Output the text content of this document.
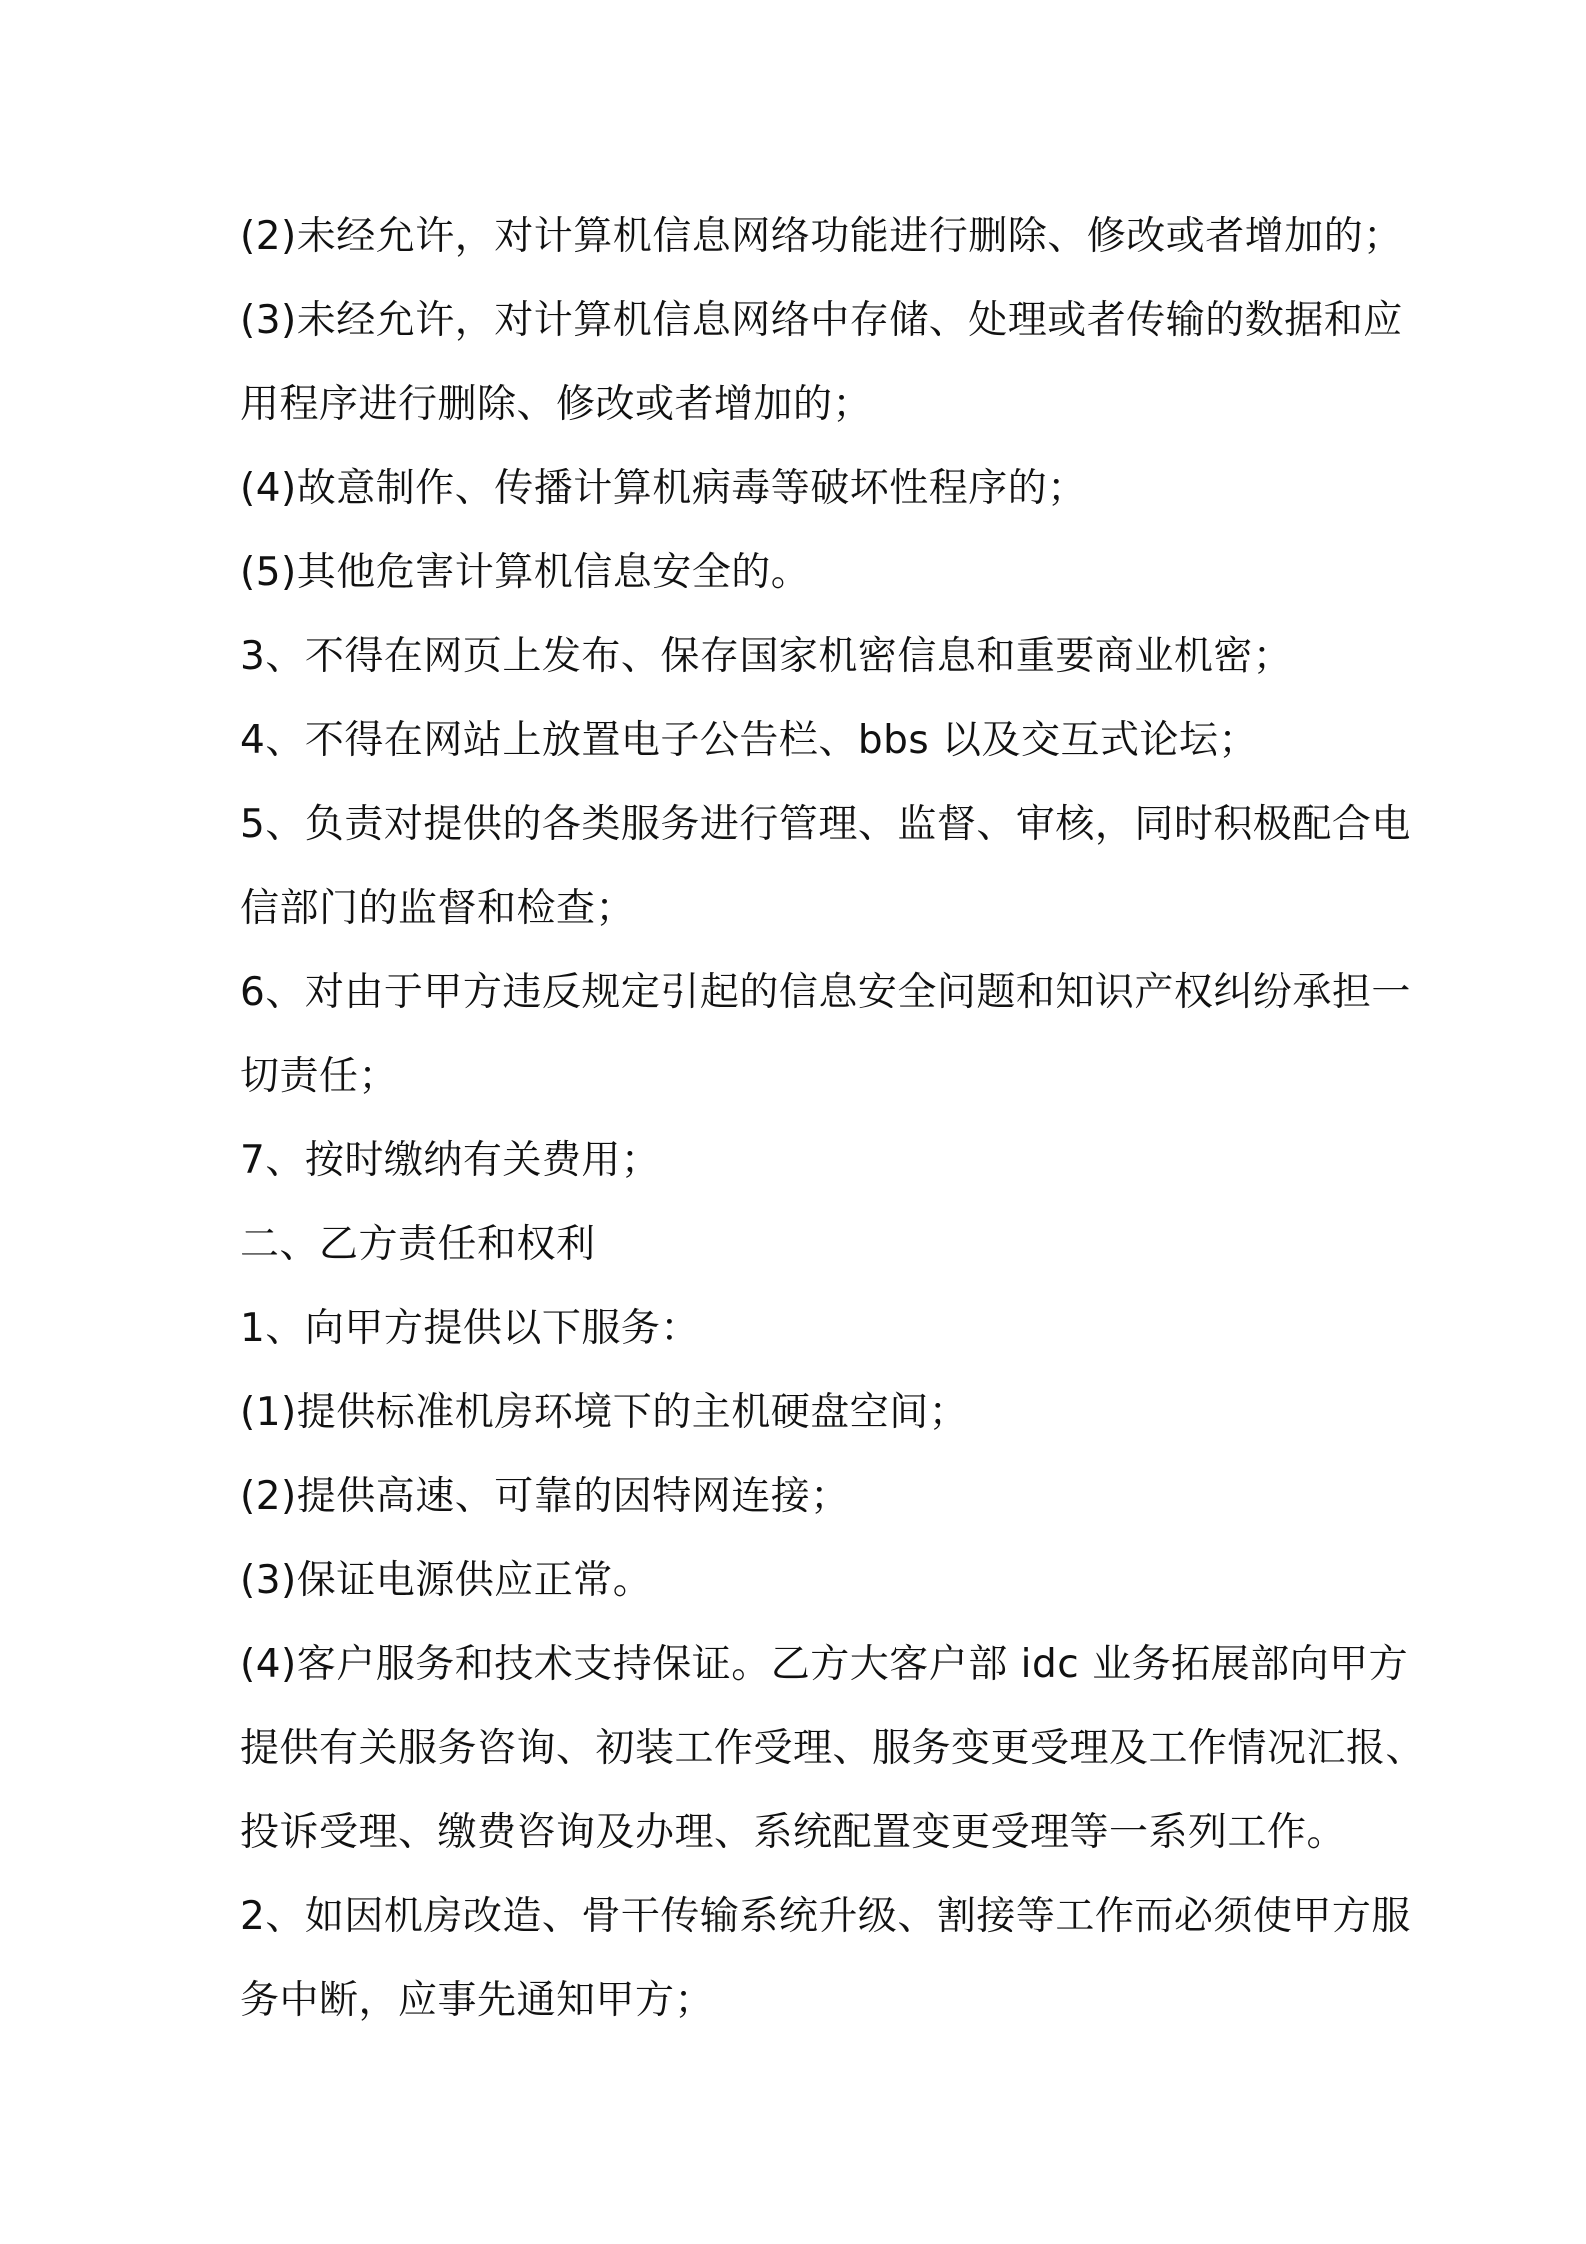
(2)未经允许，对计算机信息网络功能进行删除、修改或者增加的；
(3)未经允许，对计算机信息网络中存储、处理或者传输的数据和应
用程序进行删除、修改或者增加的；
(4)故意制作、传播计算机病毒等破坏性程序的；
(5)其他危害计算机信息安全的。
3、不得在网页上发布、保存国家机密信息和重要商业机密；
4、不得在网站上放置电子公告栏、bbs 以及交互式论坛；
5、负责对提供的各类服务进行管理、监督、审核，同时积极配合电
信部门的监督和检查；
6、对由于甲方违反规定引起的信息安全问题和知识产权纠纷承担一
切责任；
7、按时缴纳有关费用；
二、乙方责任和权利
1、向甲方提供以下服务：
(1)提供标准机房环境下的主机硬盘空间；
(2)提供高速、可靠的因特网连接；
(3)保证电源供应正常。
(4)客户服务和技术支持保证。乙方大客户部 idc 业务拓展部向甲方
提供有关服务咨询、初装工作受理、服务变更受理及工作情况汇报、
投诉受理、缴费咨询及办理、系统配置变更受理等一系列工作。
2、如因机房改造、骨干传输系统升级、割接等工作而必须使甲方服
务中断，应事先通知甲方；
